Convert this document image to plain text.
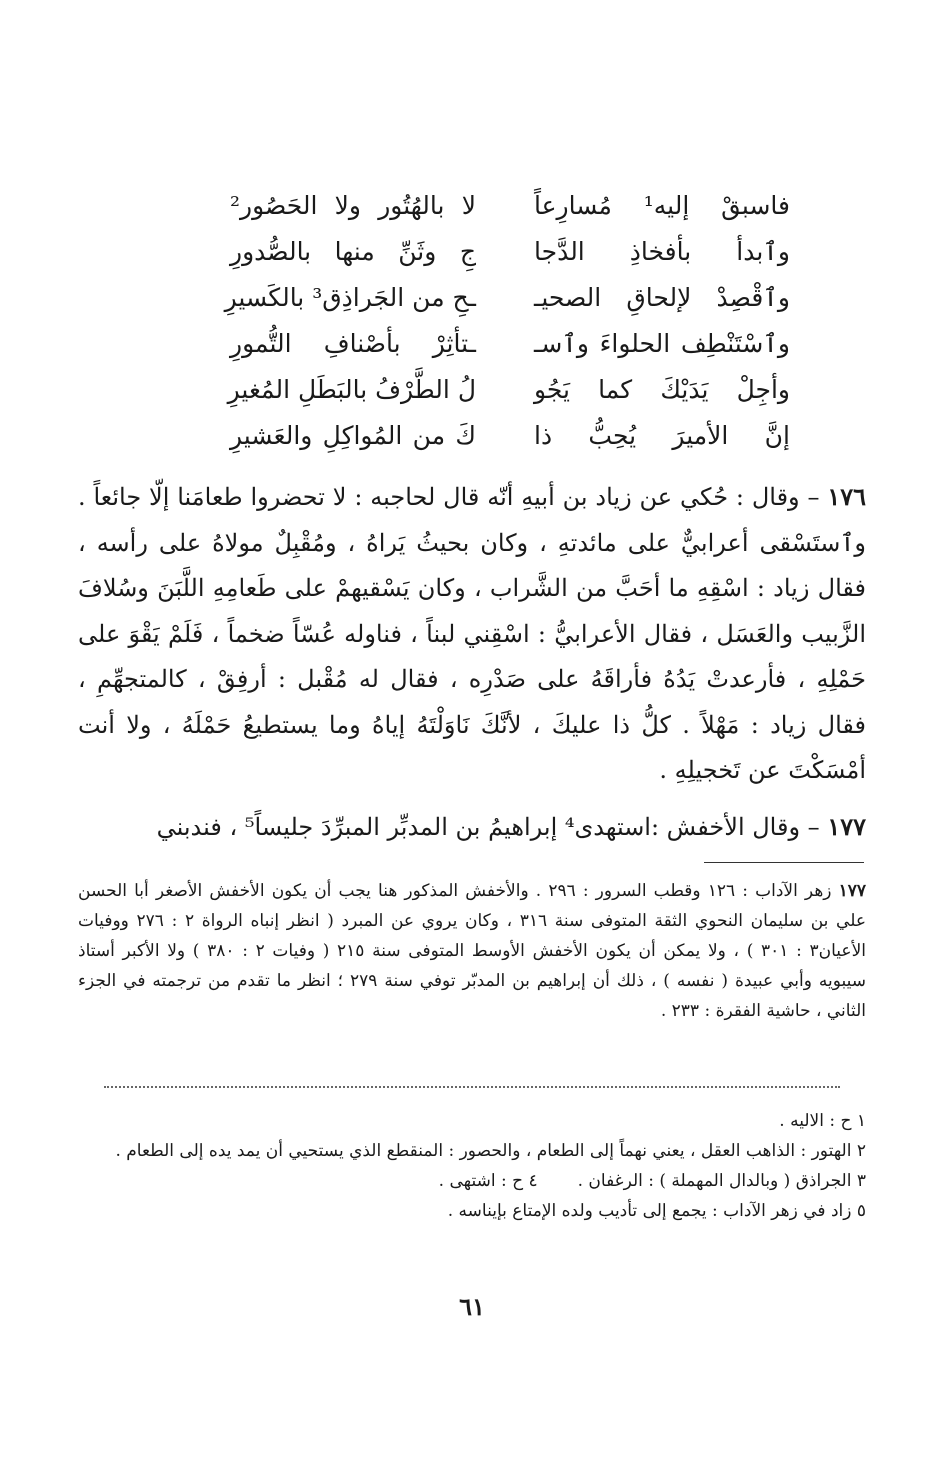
فاسبقْ إليه¹ مُسارِعاً
لا بالهُتُور ولا الحَصُور²
وٱبدأ بأفخاذِ الدَّجا
جِ وثَنِّ منها بالصُّدورِ
وٱقْصِدْ لإلحاقِ الصحيـ
ـحِ من الجَراذِق³ بالكَسيرِ
وٱسْتَنْطِف الحلواءَ وٱسـ
ـتأثِرْ بأصْنافِ التُّمورِ
وأجِلْ يَدَيْكَ كما يَجُو
لُ الطَّرْفُ بالبَطَلِ المُغيرِ
إنَّ الأميرَ يُحِبُّ ذا
كَ من المُواكِلِ والعَشيرِ

١٧٦ – وقال : حُكي عن زياد بن أبيهِ أنّه قال لحاجبه : لا تحضروا طعامَنا إلّا جائعاً . وٱستَسْقى أعرابيٌّ على مائدتهِ ، وكان بحيثُ يَراهُ ، ومُقْبِلٌ مولاهُ على رأسه ، فقال زياد : اسْقِهِ ما أحَبَّ من الشَّراب ، وكان يَسْقيهمْ على طَعامِهِ اللَّبَنَ وسُلافَ الزَّبيب والعَسَل ، فقال الأعرابيُّ : اسْقِني لبناً ، فناوله عُسّاً ضخماً ، فَلَمْ يَقْوَ على حَمْلِهِ ، فأرعدتْ يَدُهُ فأراقَهُ على صَدْرِه ، فقال له مُقْبل : أرفِقْ ، كالمتجهِّمِ ، فقال زياد : مَهْلاً . كلُّ ذا عليكَ ، لأنَّكَ نَاوَلْتَهُ إياهُ وما يستطيعُ حَمْلَهُ ، ولا أنت أمْسَكْتَ عن تَخجيلِهِ .

١٧٧ – وقال الأخفش :استهدى⁴ إبراهيمُ بن المدبِّر المبرِّدَ جليساً⁵ ، فندبني

١٧٧ زهر الآداب : ١٢٦ وقطب السرور : ٢٩٦ . والأخفش المذكور هنا يجب أن يكون الأخفش الأصغر أبا الحسن علي بن سليمان النحوي الثقة المتوفى سنة ٣١٦ ، وكان يروي عن المبرد ( انظر إنباه الرواة ٢ : ٢٧٦ ووفيات الأعيان٣ : ٣٠١ ) ، ولا يمكن أن يكون الأخفش الأوسط المتوفى سنة ٢١٥ ( وفيات ٢ : ٣٨٠ ) ولا الأكبر أستاذ سيبويه وأبي عبيدة ( نفسه ) ، ذلك أن إبراهيم بن المدبّر توفي سنة ٢٧٩ ؛ انظر ما تقدم من ترجمته في الجزء الثاني ، حاشية الفقرة : ٢٣٣ .

١ ح : الاليه .

٢ الهتور : الذاهب العقل ، يعني نهماً إلى الطعام ، والحصور : المنقطع الذي يستحيي أن يمد يده إلى الطعام .

٣ الجراذق ( وبالدال المهملة ) : الرغفان .
٤ ح : اشتهى .

٥ زاد في زهر الآداب : يجمع إلى تأديب ولده الإمتاع بإيناسه .

٦١
